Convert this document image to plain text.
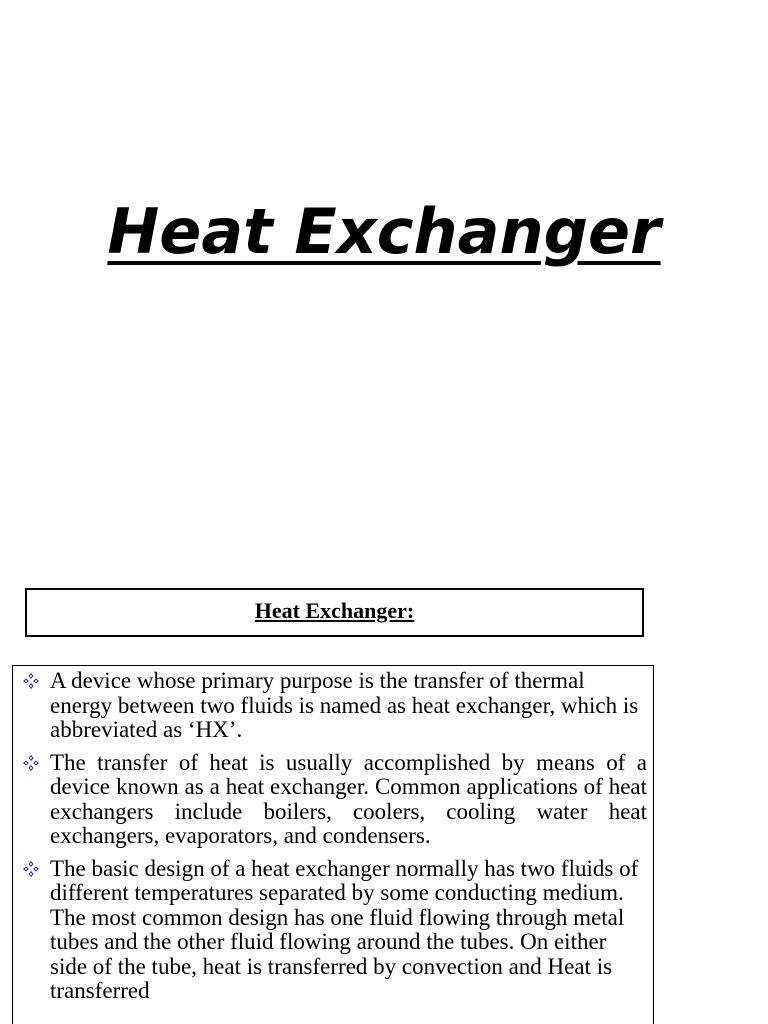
Heat Exchanger
Heat Exchanger:
A device whose primary purpose is the transfer of thermal energy between two fluids is named as heat exchanger, which is abbreviated as ‘HX’.
The transfer of heat is usually accomplished by means of a device known as a heat exchanger. Common applications of heat exchangers include boilers, coolers, cooling water heat exchangers, evaporators, and condensers.
The basic design of a heat exchanger normally has two fluids of different temperatures separated by some conducting medium. The most common design has one fluid flowing through metal tubes and the other fluid flowing around the tubes. On either side of the tube, heat is transferred by convection and Heat is transferred
